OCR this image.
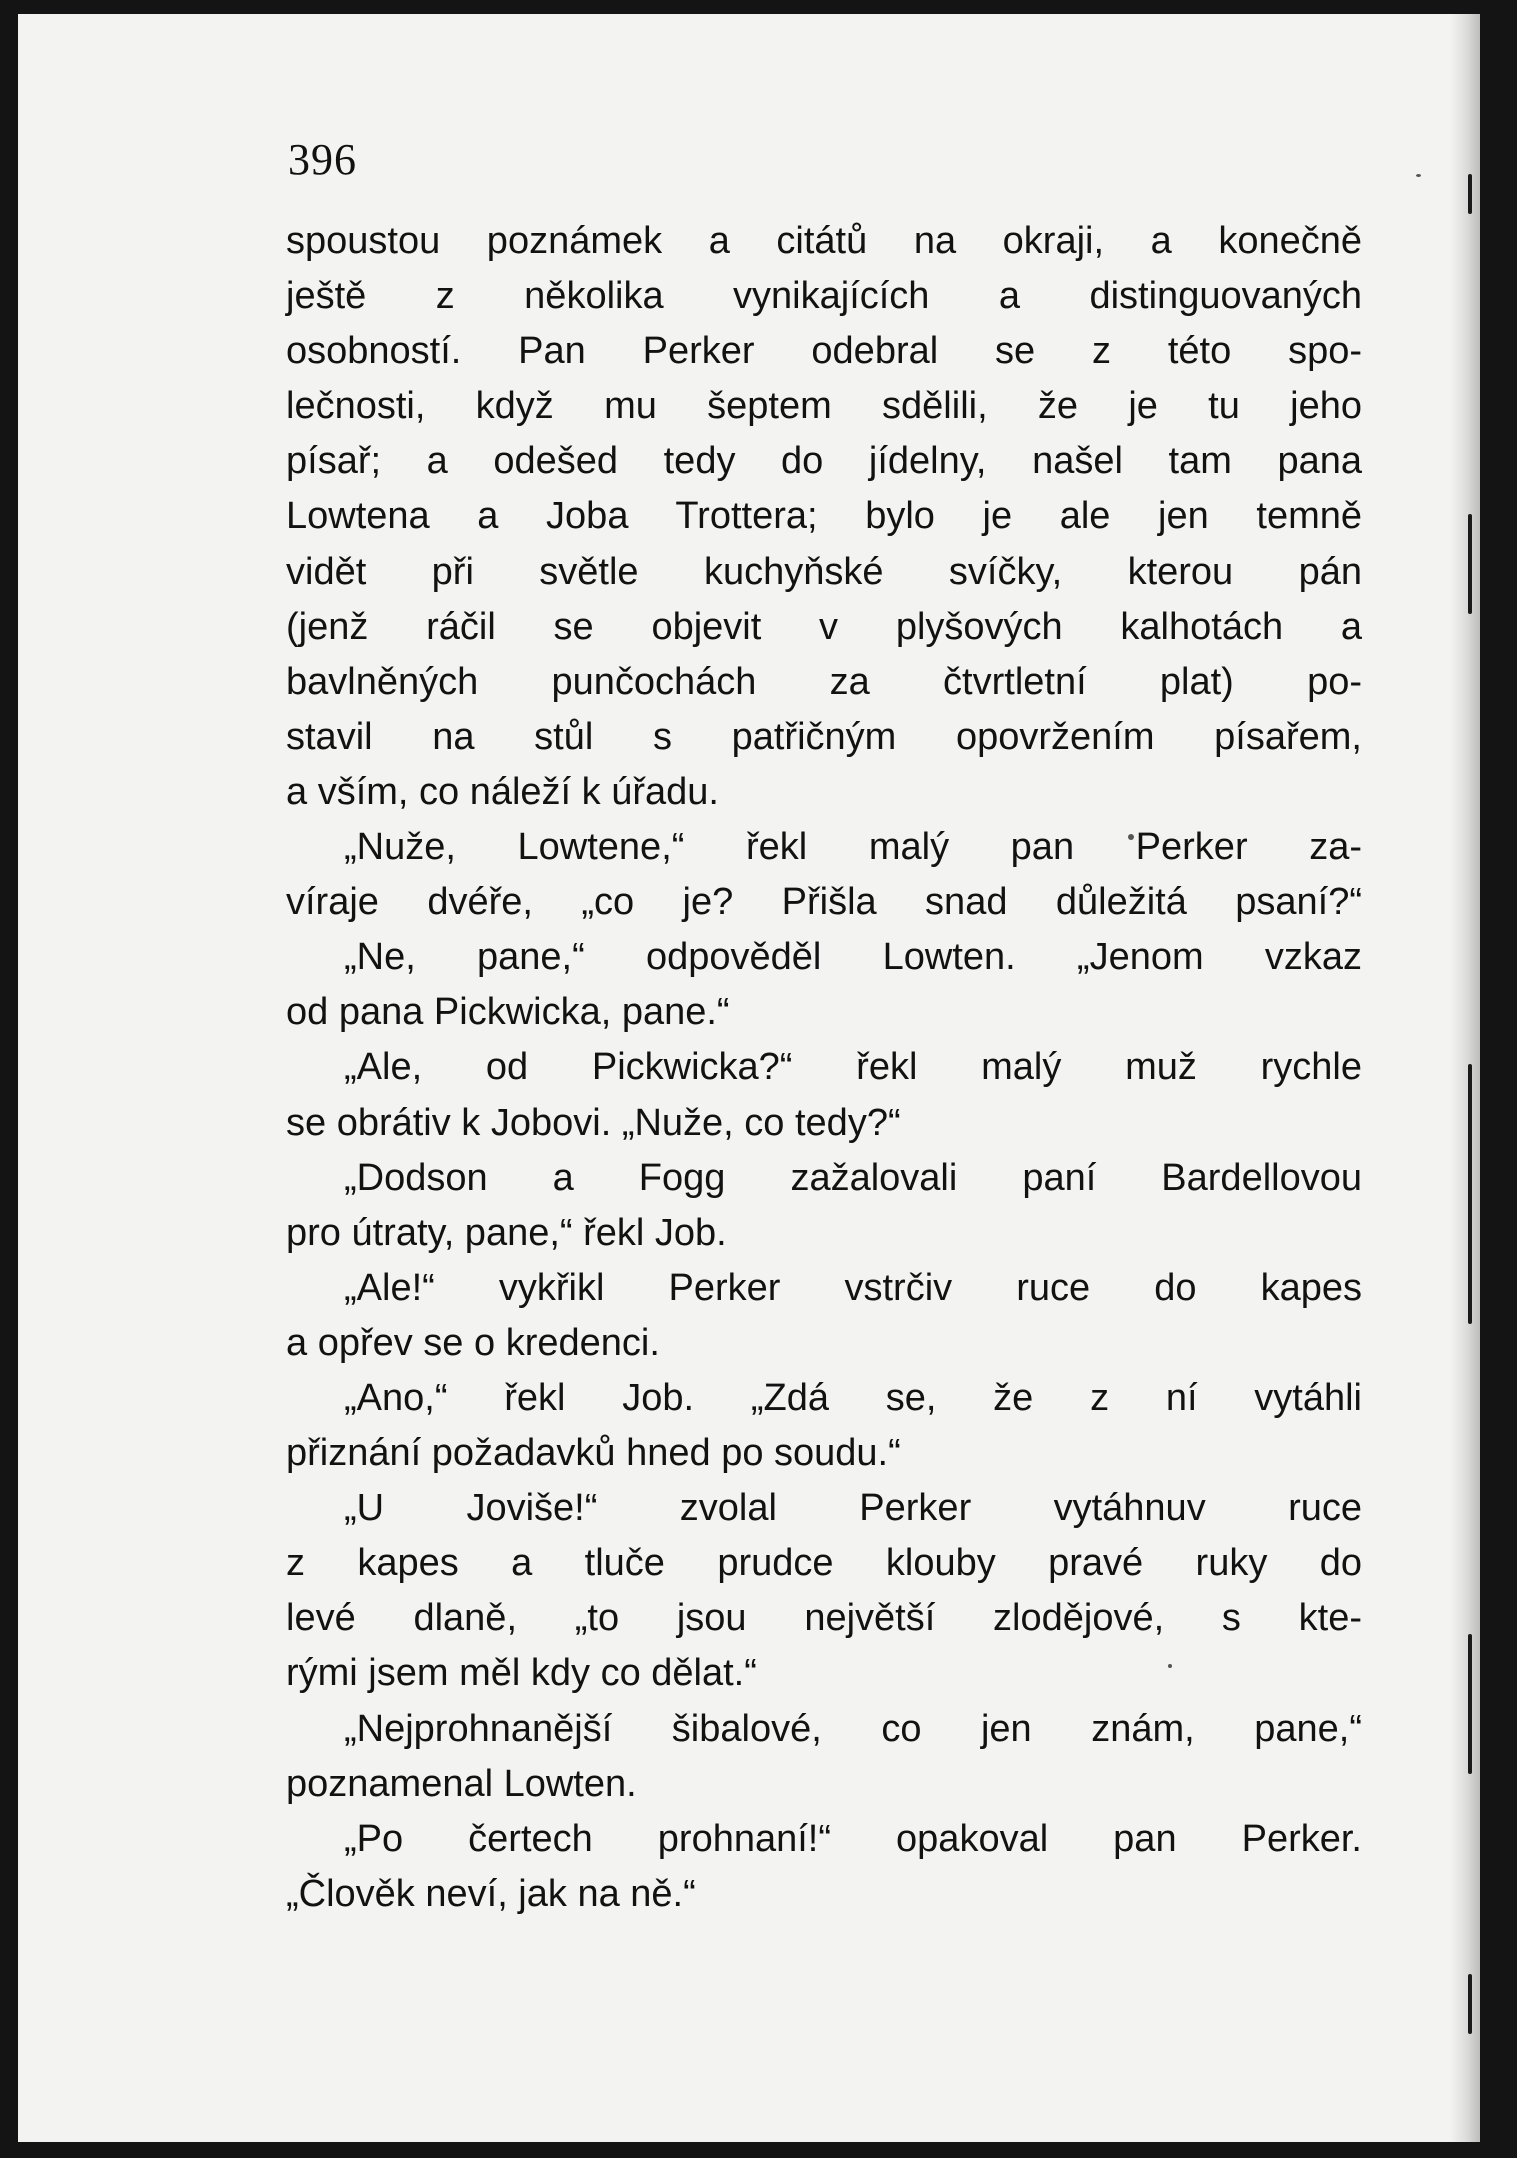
396
spoustou poznámek a citátů na okraji, a konečně
ještě z několika vynikajících a distinguovaných
osobností. Pan Perker odebral se z této spo-
lečnosti, když mu šeptem sdělili, že je tu jeho
písař; a odešed tedy do jídelny, našel tam pana
Lowtena a Joba Trottera; bylo je ale jen temně
vidět při světle kuchyňské svíčky, kterou pán
(jenž ráčil se objevit v plyšových kalhotách a
bavlněných punčochách za čtvrtletní plat) po-
stavil na stůl s patřičným opovržením písařem,
a vším, co náleží k úřadu.
„Nuže, Lowtene,“ řekl malý pan Perker za-
víraje dvéře, „co je? Přišla snad důležitá psaní?“
„Ne, pane,“ odpověděl Lowten. „Jenom vzkaz
od pana Pickwicka, pane.“
„Ale, od Pickwicka?“ řekl malý muž rychle
se obrátiv k Jobovi. „Nuže, co tedy?“
„Dodson a Fogg zažalovali paní Bardellovou
pro útraty, pane,“ řekl Job.
„Ale!“ vykřikl Perker vstrčiv ruce do kapes
a opřev se o kredenci.
„Ano,“ řekl Job. „Zdá se, že z ní vytáhli
přiznání požadavků hned po soudu.“
„U Joviše!“ zvolal Perker vytáhnuv ruce
z kapes a tluče prudce klouby pravé ruky do
levé dlaně, „to jsou největší zlodějové, s kte-
rými jsem měl kdy co dělat.“
„Nejprohnanější šibalové, co jen znám, pane,“
poznamenal Lowten.
„Po čertech prohnaní!“ opakoval pan Perker.
„Člověk neví, jak na ně.“
